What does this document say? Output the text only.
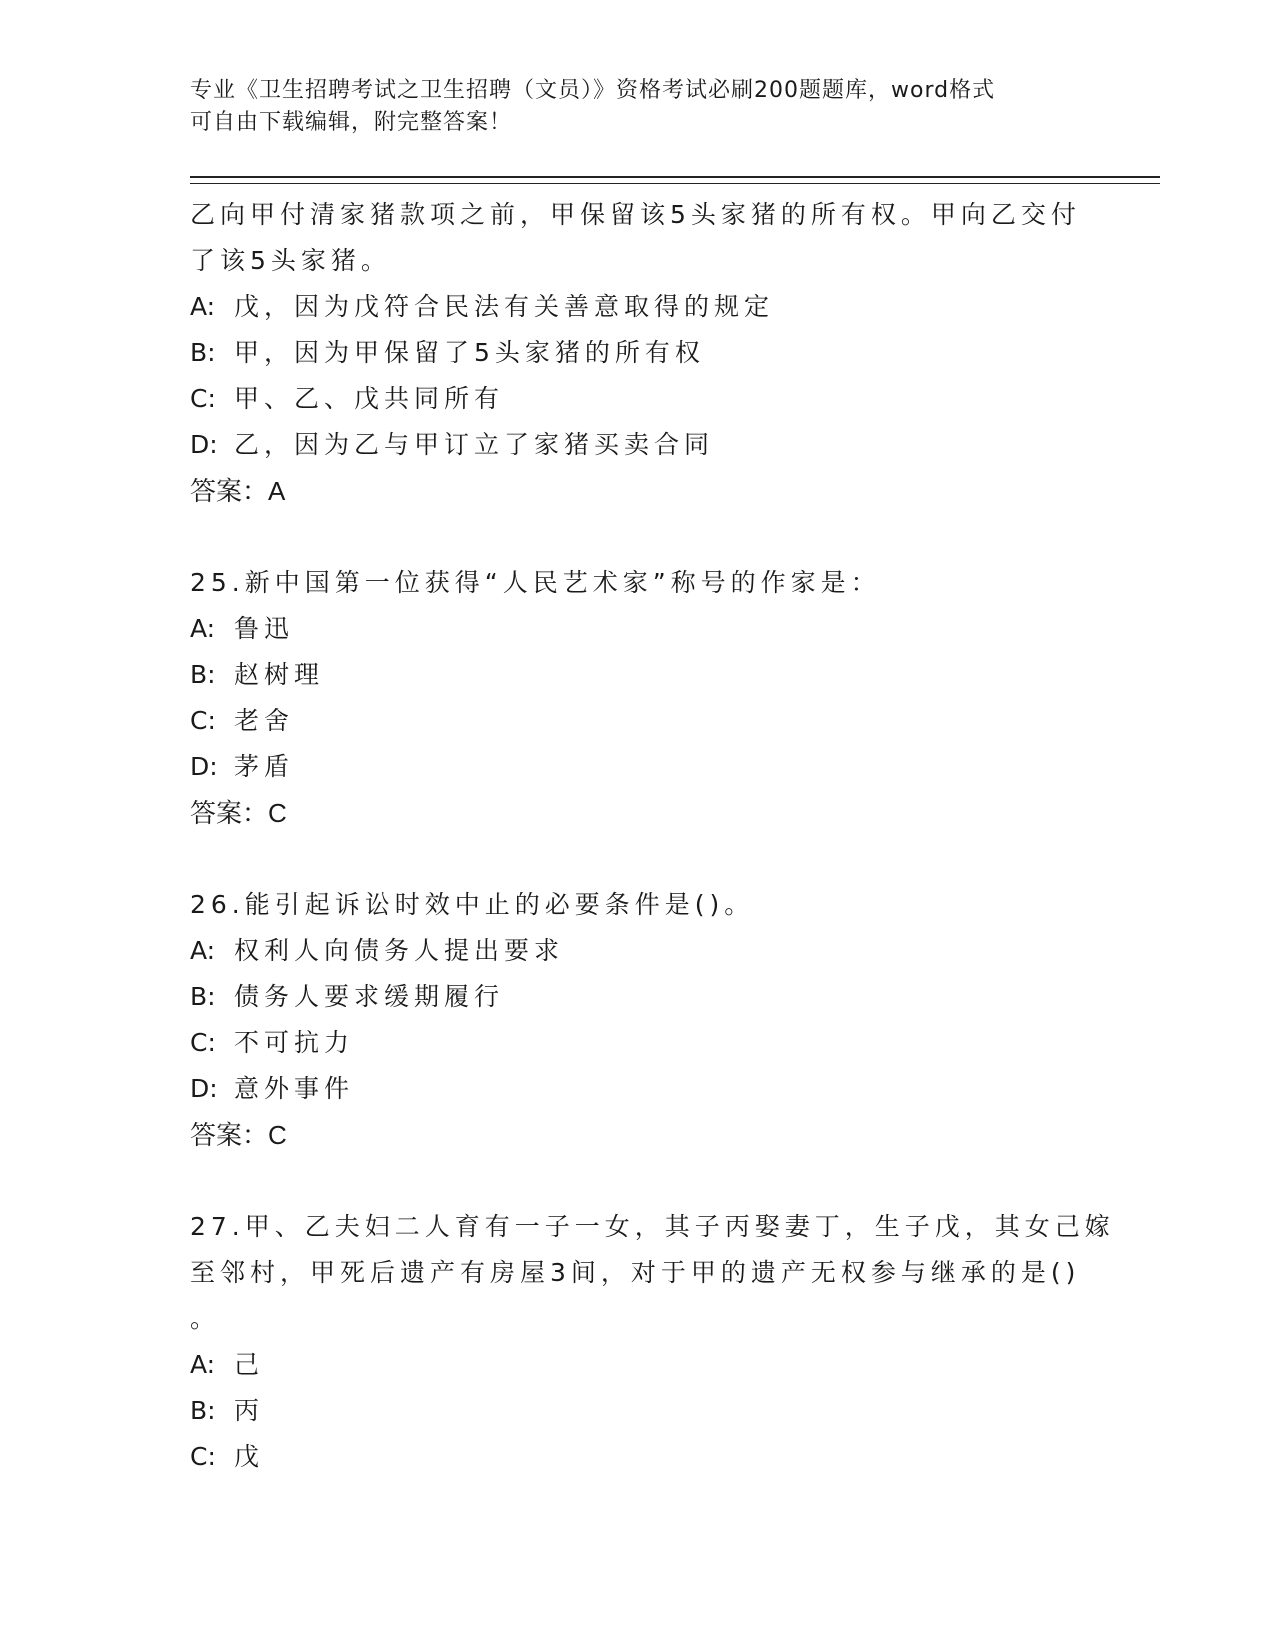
专业《卫生招聘考试之卫生招聘（文员）》资格考试必刷200题题库，word格式
可自由下载编辑，附完整答案！
乙向甲付清家猪款项之前，甲保留该5头家猪的所有权。甲向乙交付
了该5头家猪。
A: 戊，因为戊符合民法有关善意取得的规定
B: 甲，因为甲保留了5头家猪的所有权
C: 甲、乙、戊共同所有
D: 乙，因为乙与甲订立了家猪买卖合同
答案：A
25.新中国第一位获得“人民艺术家”称号的作家是：
A: 鲁迅
B: 赵树理
C: 老舍
D: 茅盾
答案：C
26.能引起诉讼时效中止的必要条件是()。
A: 权利人向债务人提出要求
B: 债务人要求缓期履行
C: 不可抗力
D: 意外事件
答案：C
27.甲、乙夫妇二人育有一子一女，其子丙娶妻丁，生子戊，其女己嫁
至邻村，甲死后遗产有房屋3间，对于甲的遗产无权参与继承的是()
。
A: 己
B: 丙
C: 戊
